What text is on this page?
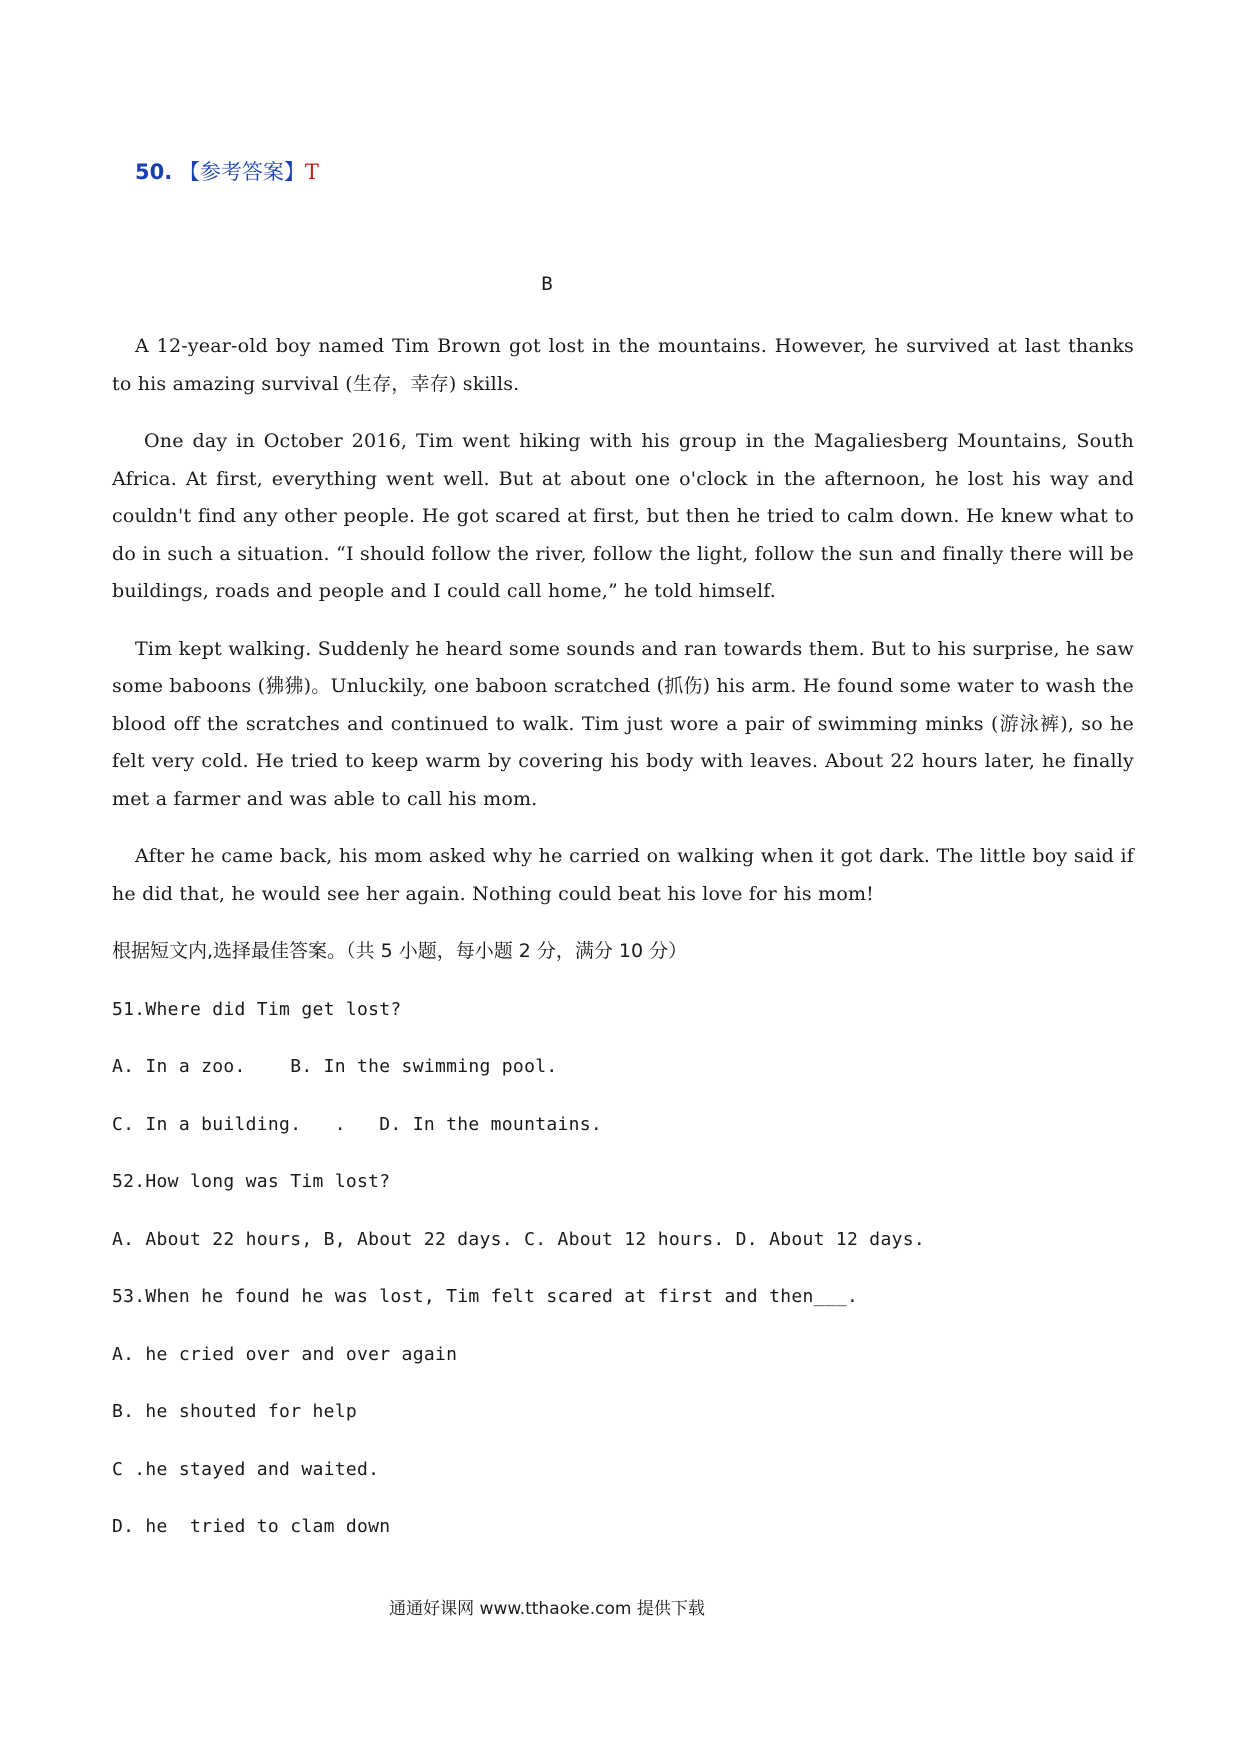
50. 【参考答案】T
B

A 12-year-old boy named Tim Brown got lost in the mountains. However, he survived at last thanks to his amazing survival (生存，幸存) skills.

One day in October 2016, Tim went hiking with his group in the Magaliesberg Mountains, South Africa. At first, everything went well. But at about one o'clock in the afternoon, he lost his way and couldn't find any other people. He got scared at first, but then he tried to calm down. He knew what to do in such a situation. “I should follow the river, follow the light, follow the sun and finally there will be buildings, roads and people and I could call home,” he told himself.

Tim kept walking. Suddenly he heard some sounds and ran towards them. But to his surprise, he saw some baboons (狒狒)。Unluckily, one baboon scratched (抓伤) his arm. He found some water to wash the blood off the scratches and continued to walk. Tim just wore a pair of swimming minks (游泳裤), so he felt very cold. He tried to keep warm by covering his body with leaves. About 22 hours later, he finally met a farmer and was able to call his mom.

After he came back, his mom asked why he carried on walking when it got dark. The little boy said if he did that, he would see her again. Nothing could beat his love for his mom!

根据短文内,选择最佳答案。（共 5 小题，每小题 2 分，满分 10 分）

51.Where did Tim get lost?

A. In a zoo.    B. In the swimming pool.

C. In a building.   .   D. In the mountains.

52.How long was Tim lost?

A. About 22 hours, B, About 22 days. C. About 12 hours. D. About 12 days.

53.When he found he was lost, Tim felt scared at first and then___.

A. he cried over and over again

B. he shouted for help

C .he stayed and waited.

D. he  tried to clam down

通通好课网 www.tthaoke.com 提供下载
